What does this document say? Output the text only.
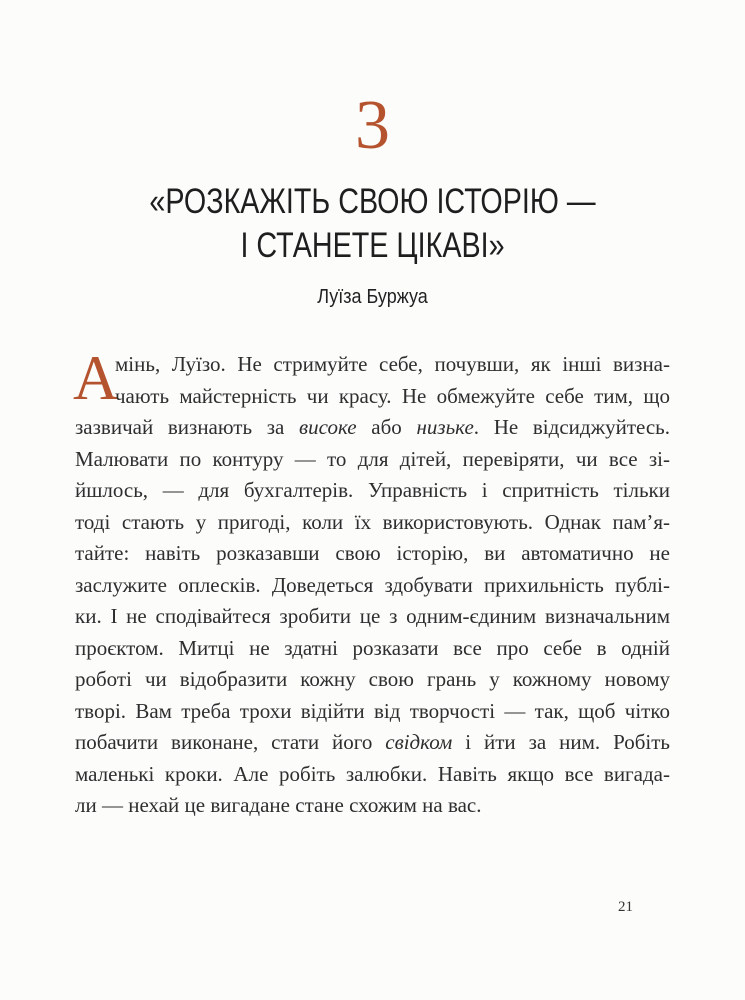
3
«РОЗКАЖІТЬ СВОЮ ІСТОРІЮ —
І СТАНЕТЕ ЦІКАВІ»
Луїза Буржуа
А
мінь, Луїзо. Не стримуйте себе, почувши, як інші визна-
чають майстерність чи красу. Не обмежуйте себе тим, що
зазвичай визнають за високе або низьке. Не відсиджуйтесь.
Малювати по контуру — то для дітей, перевіряти, чи все зі-
йшлось, — для бухгалтерів. Управність і спритність тільки
тоді стають у пригоді, коли їх використовують. Однак пам’я-
тайте: навіть розказавши свою історію, ви автоматично не
заслужите оплесків. Доведеться здобувати прихильність публі-
ки. І не сподівайтеся зробити це з одним-єдиним визначальним
проєктом. Митці не здатні розказати все про себе в одній
роботі чи відобразити кожну свою грань у кожному новому
творі. Вам треба трохи відійти від творчості — так, щоб чітко
побачити виконане, стати його свідком і йти за ним. Робіть
маленькі кроки. Але робіть залюбки. Навіть якщо все вигада-
ли — нехай це вигадане стане схожим на вас.
21
